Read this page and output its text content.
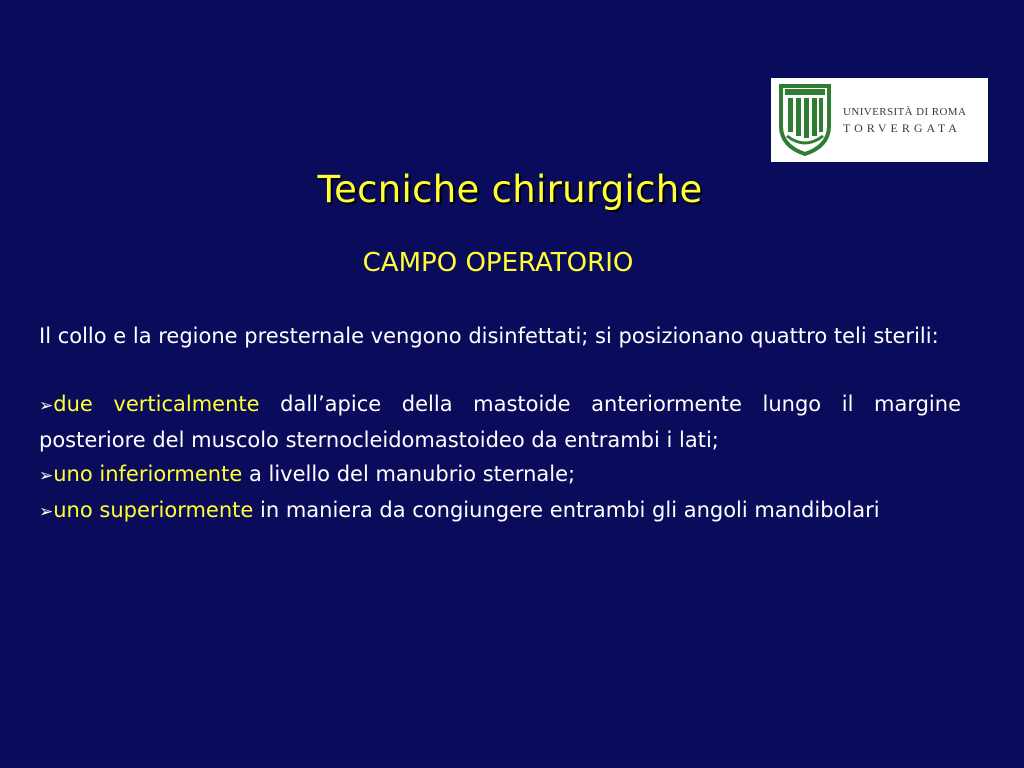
UNIVERSITÀ DI ROMA
TORVERGATA
Tecniche chirurgiche
CAMPO OPERATORIO

Il collo e la regione presternale vengono disinfettati; si posizionano quattro teli sterili:

➢due verticalmente dall’apice della mastoide anteriormente lungo il margine posteriore del muscolo sternocleidomastoideo da entrambi i lati;

➢uno inferiormente a livello del manubrio sternale;

➢uno superiormente in maniera da congiungere entrambi gli angoli mandibolari
